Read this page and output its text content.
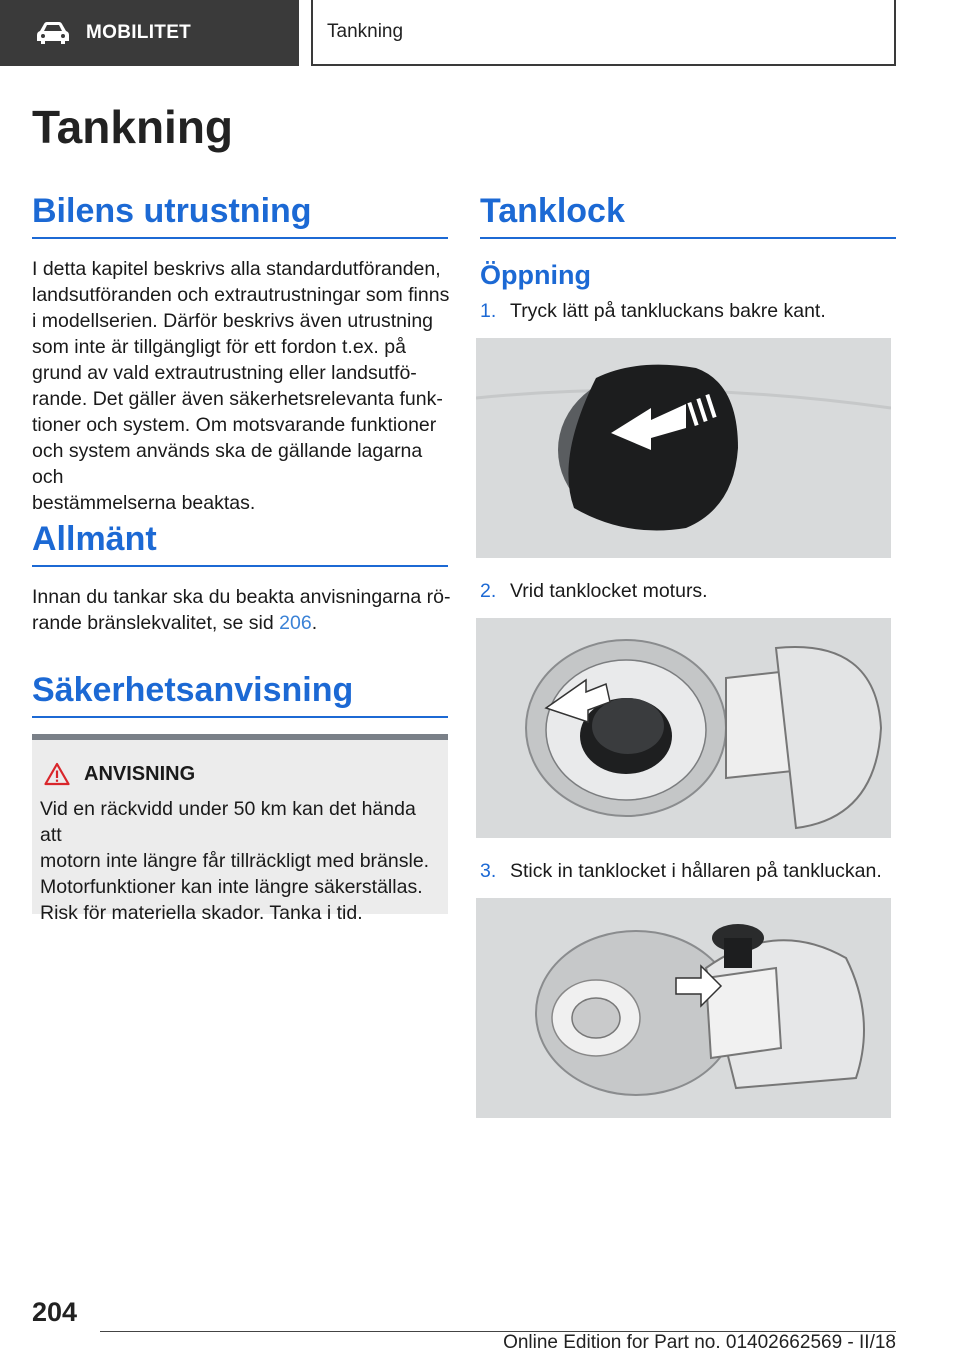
MOBILITET	Tankning
Tankning
Bilens utrustning
I detta kapitel beskrivs alla standardutföranden,
landsutföranden och extrautrustningar som finns
i modellserien. Därför beskrivs även utrustning
som inte är tillgängligt för ett fordon t.ex. på
grund av vald extrautrustning eller landsutfö-
rande. Det gäller även säkerhetsrelevanta funk-
tioner och system. Om motsvarande funktioner
och system används ska de gällande lagarna och
bestämmelserna beaktas.
Allmänt
Innan du tankar ska du beakta anvisningarna rö-
rande bränslekvalitet, se sid 206.
Säkerhetsanvisning
ANVISNING
Vid en räckvidd under 50 km kan det hända att
motorn inte längre får tillräckligt med bränsle.
Motorfunktioner kan inte längre säkerställas.
Risk för materiella skador. Tanka i tid.
Tanklock
Öppning
1. Tryck lätt på tankluckans bakre kant.
2. Vrid tanklocket moturs.
3. Stick in tanklocket i hållaren på tankluckan.
204
Online Edition for Part no. 01402662569 - II/18
